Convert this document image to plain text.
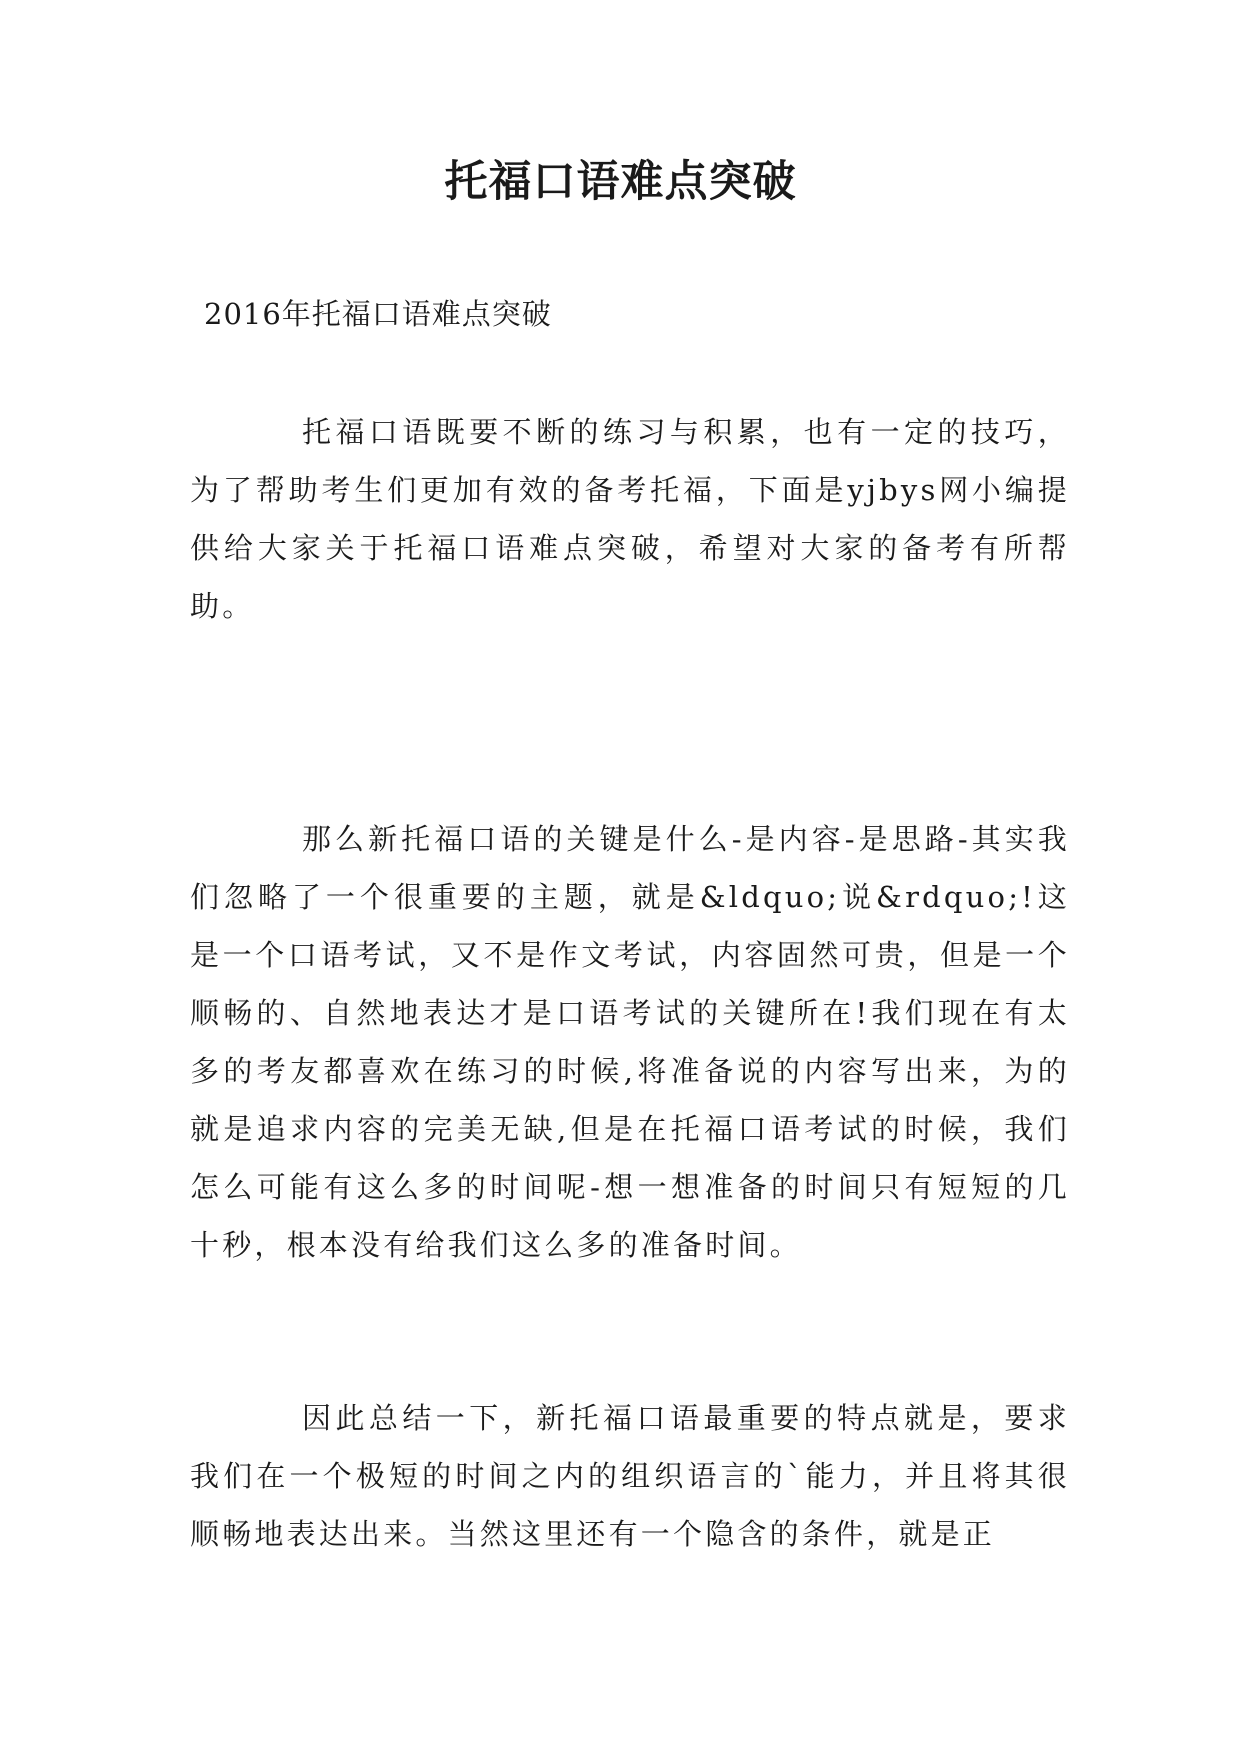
托福口语难点突破

2016年托福口语难点突破

托福口语既要不断的练习与积累，也有一定的技巧，为了帮助考生们更加有效的备考托福，下面是yjbys网小编提供给大家关于托福口语难点突破，希望对大家的备考有所帮助。

那么新托福口语的关键是什么-是内容-是思路-其实我们忽略了一个很重要的主题，就是&ldquo;说&rdquo;!这是一个口语考试，又不是作文考试，内容固然可贵，但是一个顺畅的、自然地表达才是口语考试的关键所在!我们现在有太多的考友都喜欢在练习的时候,将准备说的内容写出来，为的就是追求内容的完美无缺,但是在托福口语考试的时候，我们怎么可能有这么多的时间呢-想一想准备的时间只有短短的几十秒，根本没有给我们这么多的准备时间。

因此总结一下，新托福口语最重要的特点就是，要求我们在一个极短的时间之内的组织语言的`能力，并且将其很顺畅地表达出来。当然这里还有一个隐含的条件，就是正
